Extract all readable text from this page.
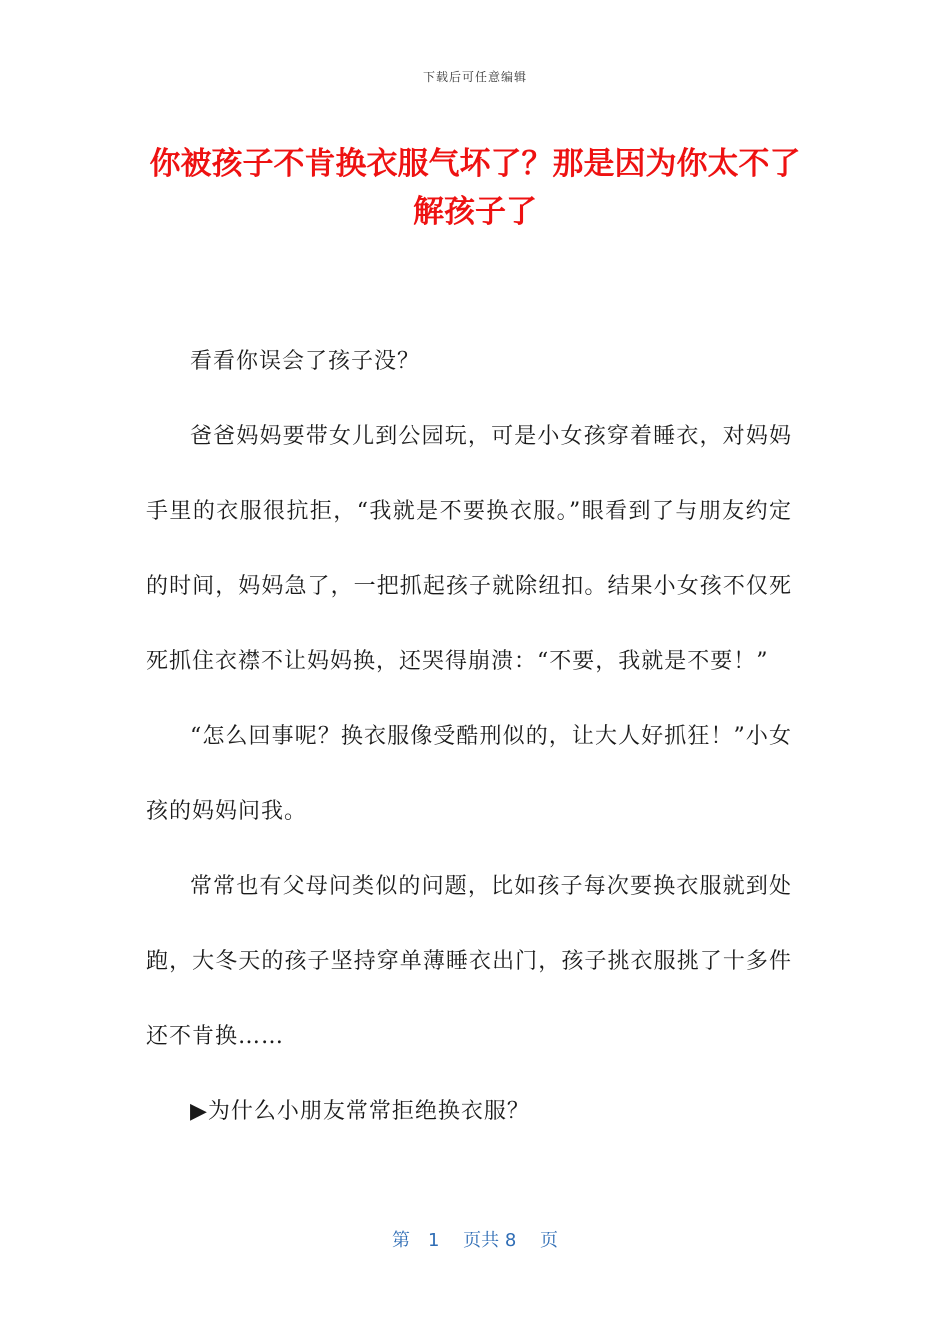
下载后可任意编辑
你被孩子不肯换衣服气坏了？那是因为你太不了解孩子了

看看你误会了孩子没？

爸爸妈妈要带女儿到公园玩，可是小女孩穿着睡衣，对妈妈手里的衣服很抗拒，“我就是不要换衣服。”眼看到了与朋友约定的时间，妈妈急了，一把抓起孩子就除纽扣。结果小女孩不仅死死抓住衣襟不让妈妈换，还哭得崩溃：“不要，我就是不要！”

“怎么回事呢？换衣服像受酷刑似的，让大人好抓狂！”小女孩的妈妈问我。

常常也有父母问类似的问题，比如孩子每次要换衣服就到处跑，大冬天的孩子坚持穿单薄睡衣出门，孩子挑衣服挑了十多件还不肯换……

▶为什么小朋友常常拒绝换衣服？

第　1　 页共 8　 页
